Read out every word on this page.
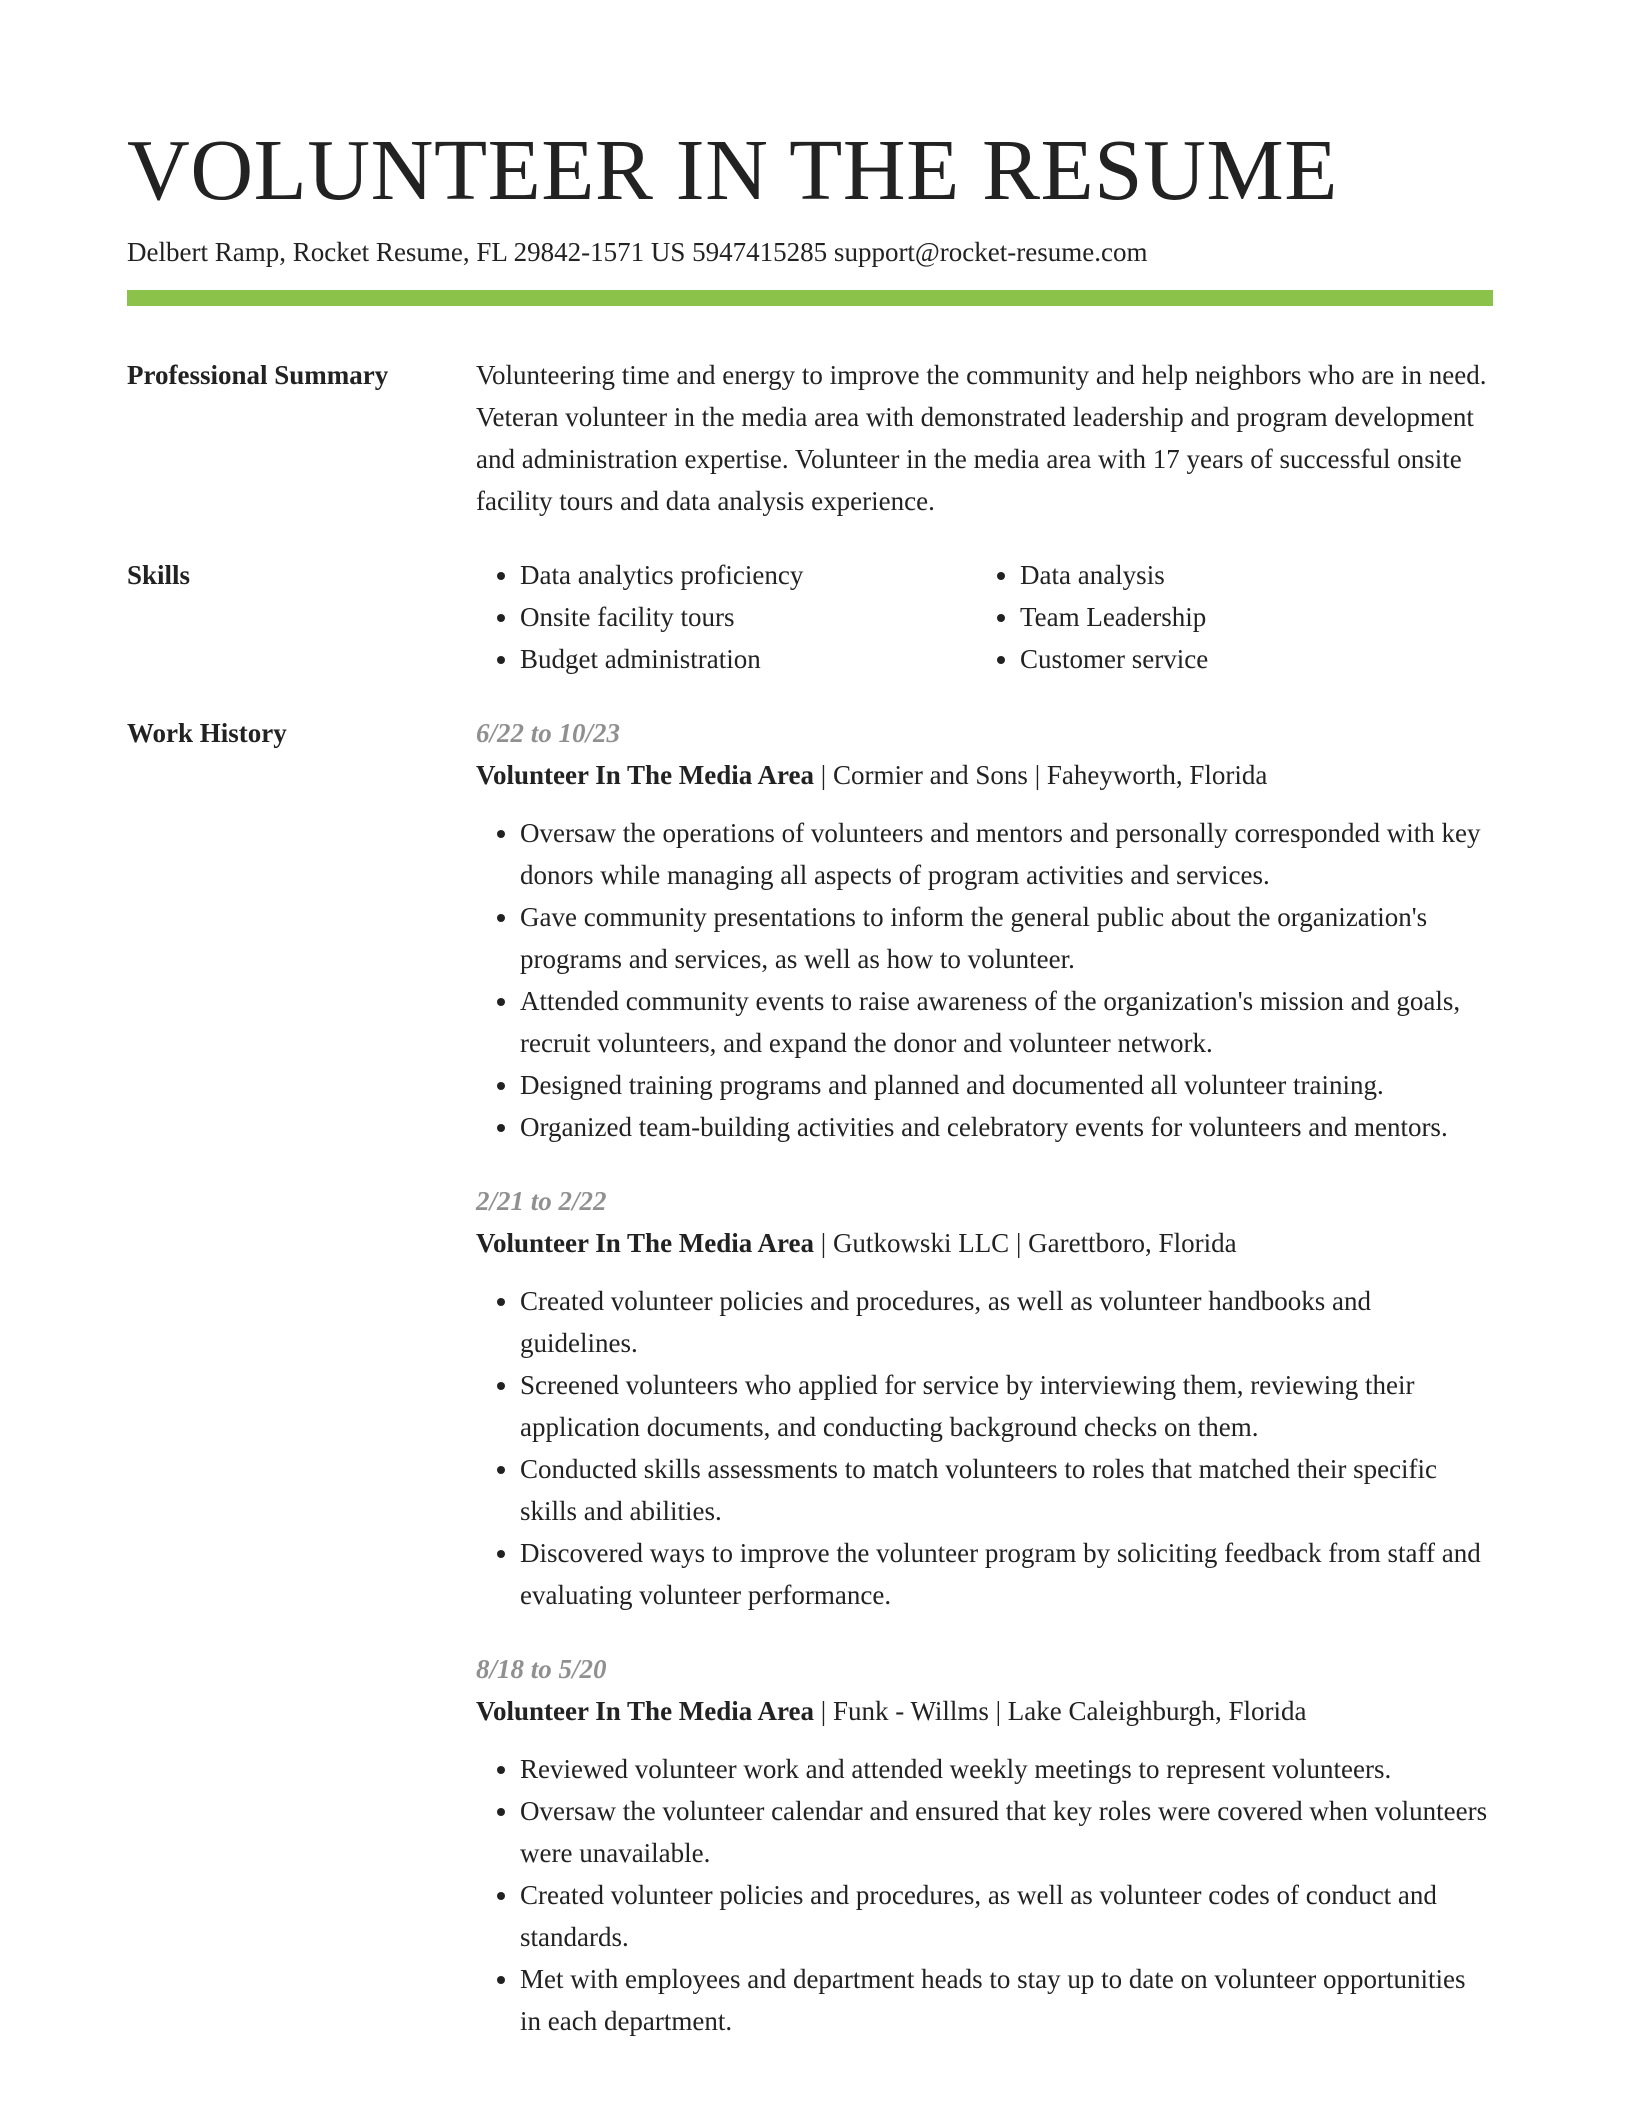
VOLUNTEER IN THE RESUME
Delbert Ramp, Rocket Resume, FL 29842-1571 US 5947415285 support@rocket-resume.com
Professional Summary	Volunteering time and energy to improve the community and help neighbors who are in need. Veteran volunteer in the media area with demonstrated leadership and program development and administration expertise. Volunteer in the media area with 17 years of successful onsite facility tours and data analysis experience.

Skills
•	Data analytics proficiency
• Onsite facility tours
• Budget administration
• Data analysis
• Team Leadership
• Customer service
Work History	6/22 to 10/23
Volunteer In The Media Area | Cormier and Sons | Faheyworth, Florida
• Oversaw the operations of volunteers and mentors and personally corresponded with key donors while managing all aspects of program activities and services.
• Gave community presentations to inform the general public about the organization's programs and services, as well as how to volunteer.
• Attended community events to raise awareness of the organization's mission and goals, recruit volunteers, and expand the donor and volunteer network.
• Designed training programs and planned and documented all volunteer training.
• Organized team-building activities and celebratory events for volunteers and mentors.
2/21 to 2/22
Volunteer In The Media Area | Gutkowski LLC | Garettboro, Florida
• Created volunteer policies and procedures, as well as volunteer handbooks and guidelines.
• Screened volunteers who applied for service by interviewing them, reviewing their application documents, and conducting background checks on them.
• Conducted skills assessments to match volunteers to roles that matched their specific skills and abilities.
• Discovered ways to improve the volunteer program by soliciting feedback from staff and evaluating volunteer performance.
8/18 to 5/20
Volunteer In The Media Area | Funk - Willms | Lake Caleighburgh, Florida
• Reviewed volunteer work and attended weekly meetings to represent volunteers.
• Oversaw the volunteer calendar and ensured that key roles were covered when volunteers were unavailable.
• Created volunteer policies and procedures, as well as volunteer codes of conduct and standards.
• Met with employees and department heads to stay up to date on volunteer opportunities in each department.
